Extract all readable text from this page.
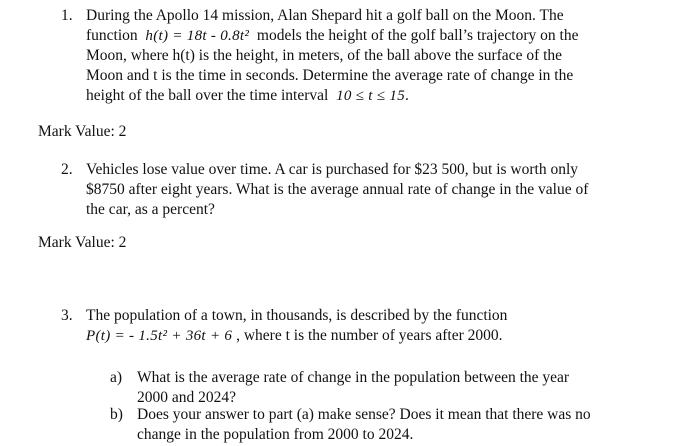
1. During the Apollo 14 mission, Alan Shepard hit a golf ball on the Moon. The
function h(t) = 18t - 0.8t² models the height of the golf ball’s trajectory on the
Moon, where h(t) is the height, in meters, of the ball above the surface of the
Moon and t is the time in seconds. Determine the average rate of change in the
height of the ball over the time interval 10 ≤ t ≤ 15.
Mark Value: 2
2. Vehicles lose value over time. A car is purchased for $23 500, but is worth only
$8750 after eight years. What is the average annual rate of change in the value of
the car, as a percent?
Mark Value: 2
3. The population of a town, in thousands, is described by the function
P(t) = - 1.5t² + 36t + 6 , where t is the number of years after 2000.
a) What is the average rate of change in the population between the year
2000 and 2024?
b) Does your answer to part (a) make sense? Does it mean that there was no
change in the population from 2000 to 2024.
